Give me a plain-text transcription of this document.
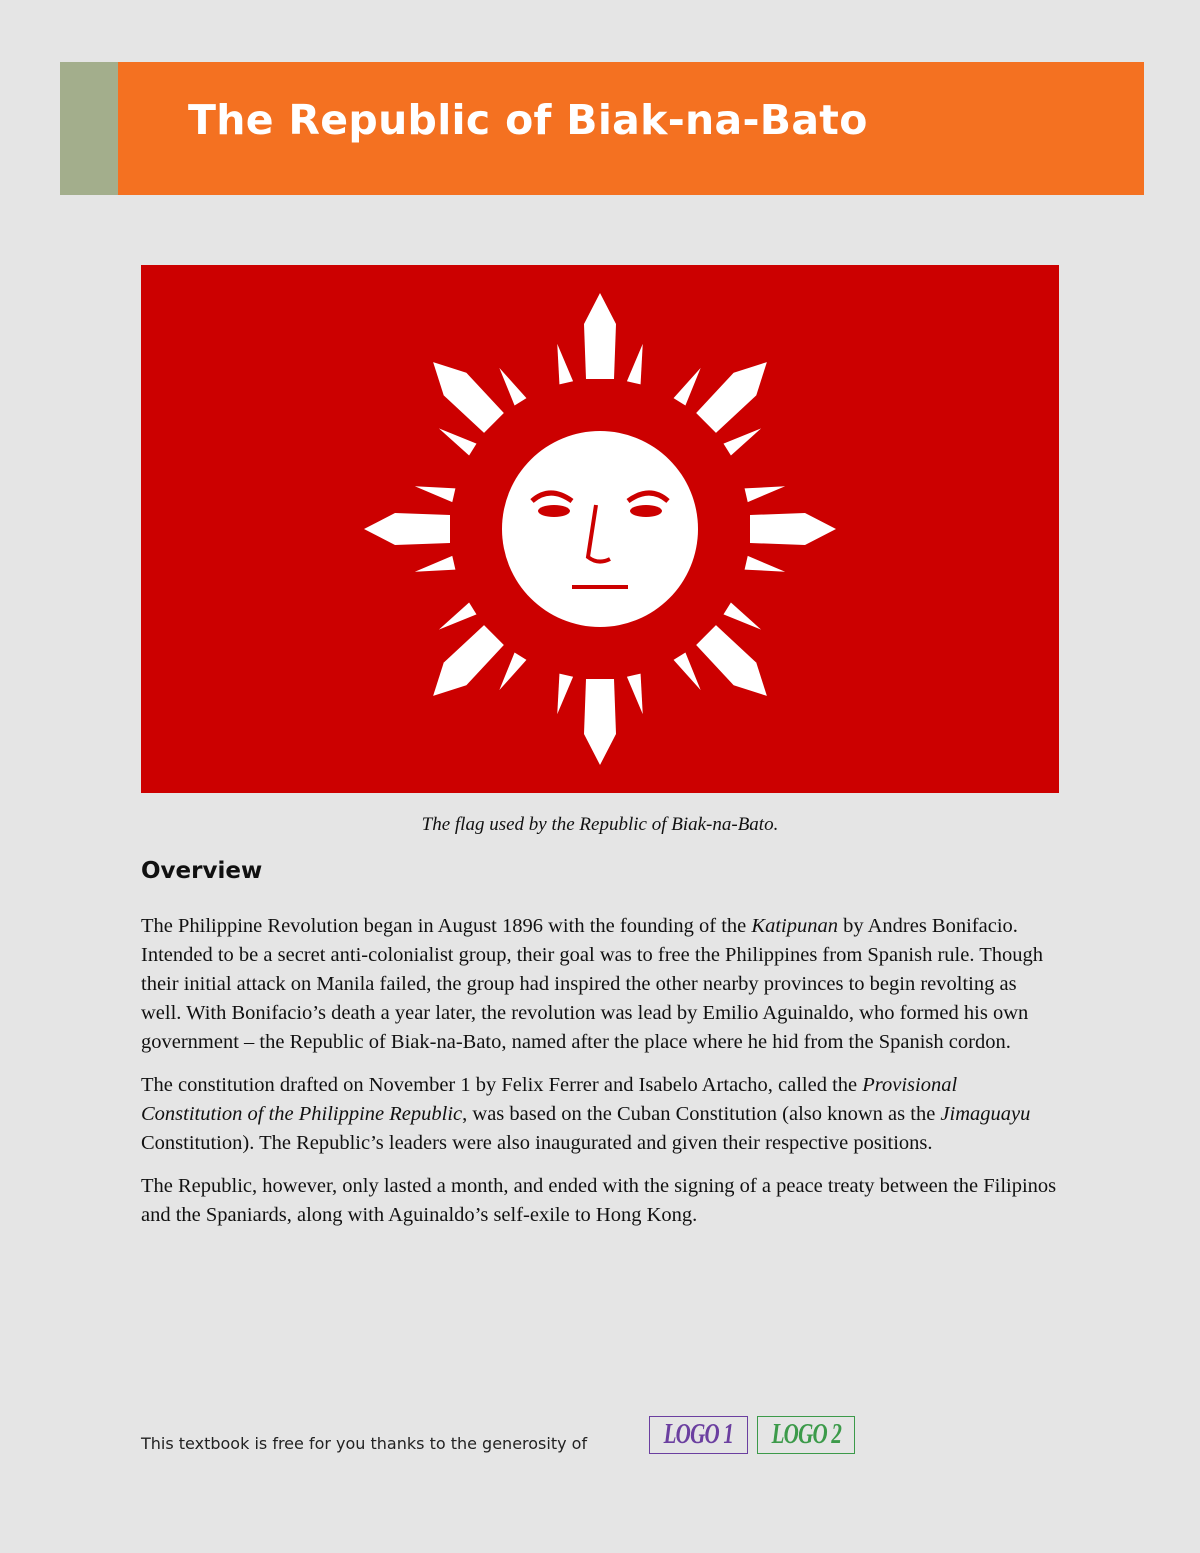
The Republic of Biak-na-Bato
The flag used by the Republic of Biak-na-Bato.
Overview

The Philippine Revolution began in August 1896 with the founding of the Katipunan by Andres Bonifacio. Intended to be a secret anti-colonialist group, their goal was to free the Philippines from Spanish rule. Though their initial attack on Manila failed, the group had inspired the other nearby provinces to begin revolting as well. With Bonifacio’s death a year later, the revolution was lead by Emilio Aguinaldo, who formed his own government – the Republic of Biak-na-Bato, named after the place where he hid from the Spanish cordon.

The constitution drafted on November 1 by Felix Ferrer and Isabelo Artacho, called the Provisional Constitution of the Philippine Republic, was based on the Cuban Constitution (also known as the Jimaguayu Constitution). The Republic’s leaders were also inaugurated and given their respective positions.

The Republic, however, only lasted a month, and ended with the signing of a peace treaty between the Filipinos and the Spaniards, along with Aguinaldo’s self-exile to Hong Kong.

This textbook is free for you thanks to the generosity of	LOGO 1 LOGO 2
